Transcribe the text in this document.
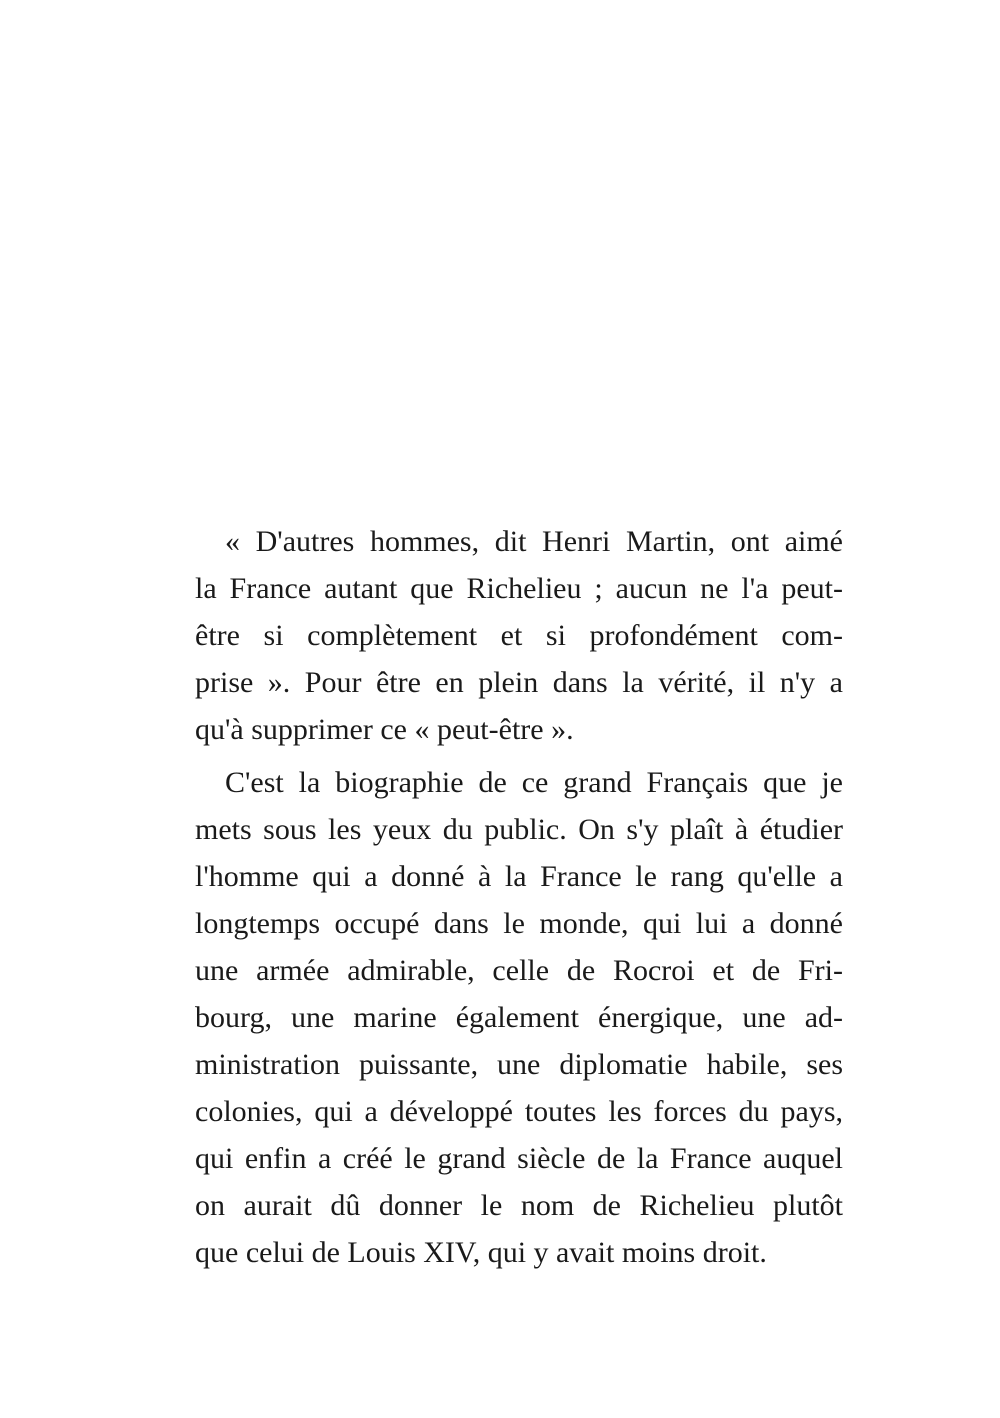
« D'autres hommes, dit Henri Martin, ont aimé
la France autant que Richelieu ; aucun ne l'a peut-
être si complètement et si profondément com-
prise ». Pour être en plein dans la vérité, il n'y a
qu'à supprimer ce « peut-être ».
C'est la biographie de ce grand Français que je
mets sous les yeux du public. On s'y plaît à étudier
l'homme qui a donné à la France le rang qu'elle a
longtemps occupé dans le monde, qui lui a donné
une armée admirable, celle de Rocroi et de Fri-
bourg, une marine également énergique, une ad-
ministration puissante, une diplomatie habile, ses
colonies, qui a développé toutes les forces du pays,
qui enfin a créé le grand siècle de la France auquel
on aurait dû donner le nom de Richelieu plutôt
que celui de Louis XIV, qui y avait moins droit.
